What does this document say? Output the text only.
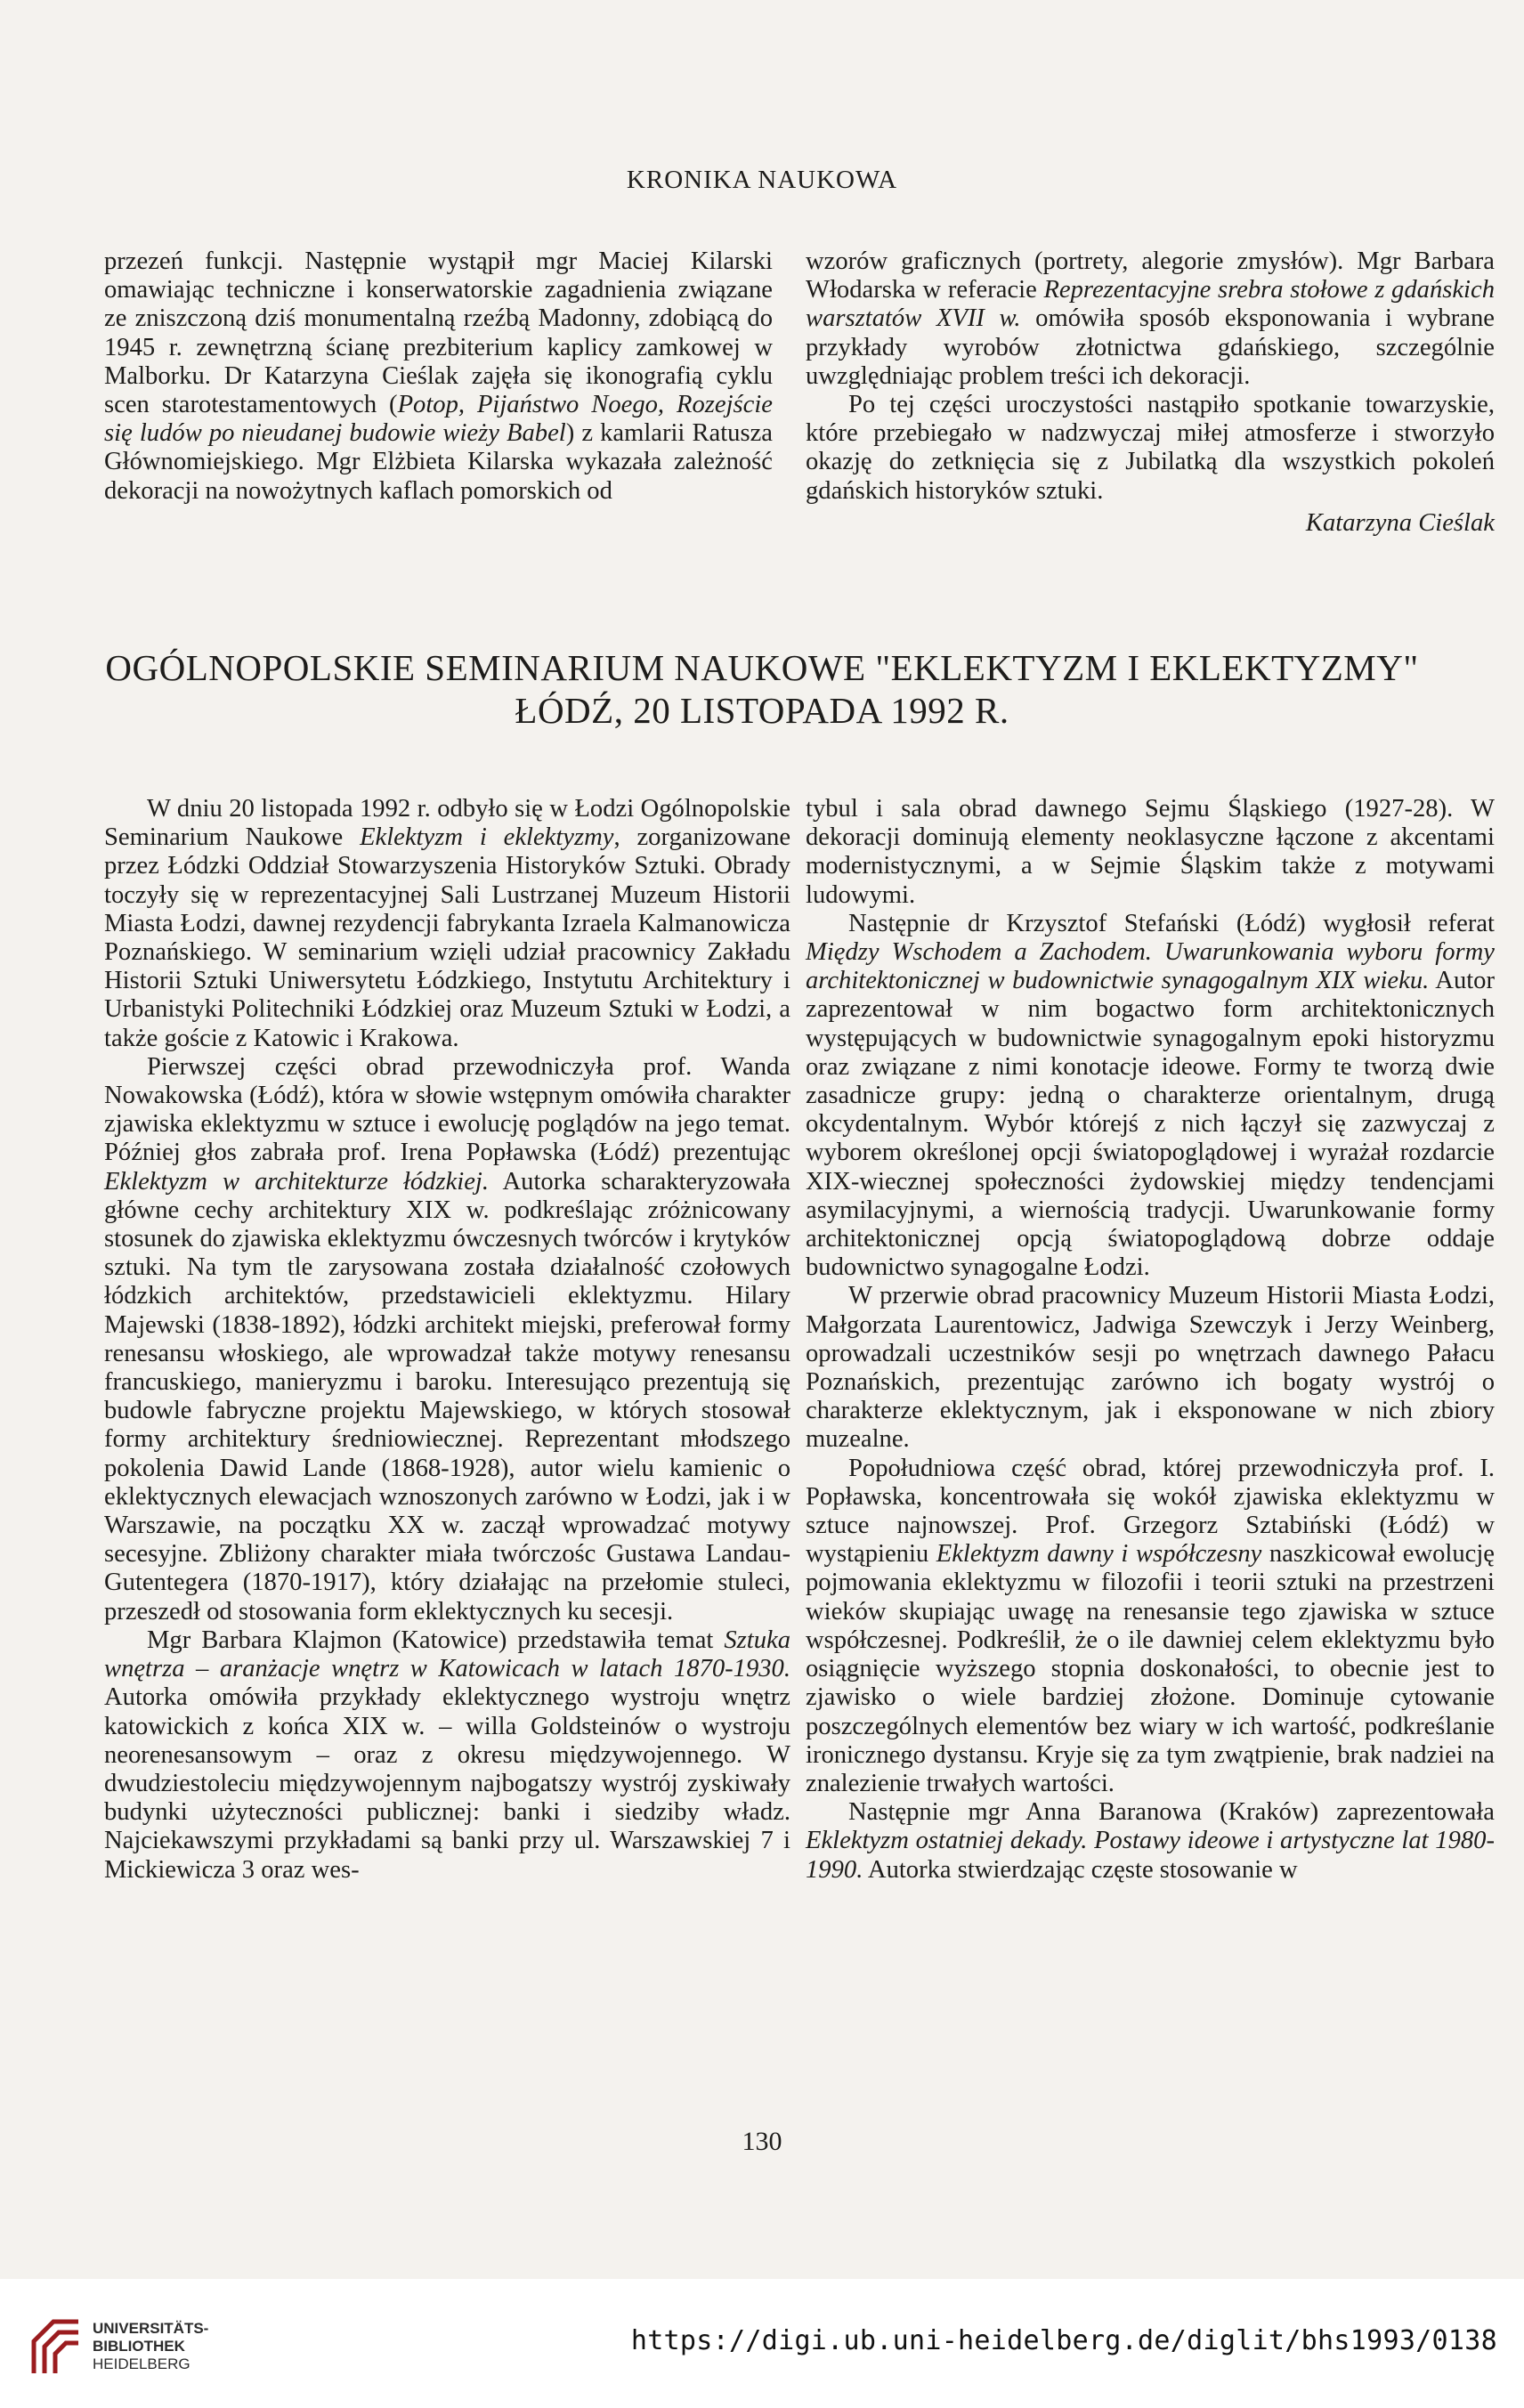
KRONIKA NAUKOWA

przezeń funkcji. Następnie wystąpił mgr Maciej Kilarski omawiając techniczne i konserwatorskie zagadnienia związane ze zniszczoną dziś monumentalną rzeźbą Madonny, zdobiącą do 1945 r. zewnętrzną ścianę prezbiterium kaplicy zamkowej w Malborku. Dr Katarzyna Cieślak zajęła się ikonografią cyklu scen starotestamentowych (Potop, Pijaństwo Noego, Rozejście się ludów po nieudanej budowie wieży Babel) z kamlarii Ratusza Głównomiejskiego. Mgr Elżbieta Kilarska wykazała zależność dekoracji na nowożytnych kaflach pomorskich od

wzorów graficznych (portrety, alegorie zmysłów). Mgr Barbara Włodarska w referacie Reprezentacyjne srebra stołowe z gdańskich warsztatów XVII w. omówiła sposób eksponowania i wybrane przykłady wyrobów złotnictwa gdańskiego, szczególnie uwzględniając problem treści ich dekoracji.

Po tej części uroczystości nastąpiło spotkanie towarzyskie, które przebiegało w nadzwyczaj miłej atmosferze i stworzyło okazję do zetknięcia się z Jubilatką dla wszystkich pokoleń gdańskich historyków sztuki.

Katarzyna Cieślak

OGÓLNOPOLSKIE SEMINARIUM NAUKOWE "EKLEKTYZM I EKLEKTYZMY"
ŁÓDŹ, 20 LISTOPADA 1992 R.

W dniu 20 listopada 1992 r. odbyło się w Łodzi Ogólnopolskie Seminarium Naukowe Eklektyzm i eklektyzmy, zorganizowane przez Łódzki Oddział Stowarzyszenia Historyków Sztuki. Obrady toczyły się w reprezentacyjnej Sali Lustrzanej Muzeum Historii Miasta Łodzi, dawnej rezydencji fabrykanta Izraela Kalmanowicza Poznańskiego. W seminarium wzięli udział pracownicy Zakładu Historii Sztuki Uniwersytetu Łódzkiego, Instytutu Architektury i Urbanistyki Politechniki Łódzkiej oraz Muzeum Sztuki w Łodzi, a także goście z Katowic i Krakowa.

Pierwszej części obrad przewodniczyła prof. Wanda Nowakowska (Łódź), która w słowie wstępnym omówiła charakter zjawiska eklektyzmu w sztuce i ewolucję poglądów na jego temat. Później głos zabrała prof. Irena Popławska (Łódź) prezentując Eklektyzm w architekturze łódzkiej. Autorka scharakteryzowała główne cechy architektury XIX w. podkreślając zróżnicowany stosunek do zjawiska eklektyzmu ówczesnych twórców i krytyków sztuki. Na tym tle zarysowana została działalność czołowych łódzkich architektów, przedstawicieli eklektyzmu. Hilary Majewski (1838-1892), łódzki architekt miejski, preferował formy renesansu włoskiego, ale wprowadzał także motywy renesansu francuskiego, manieryzmu i baroku. Interesująco prezentują się budowle fabryczne projektu Majewskiego, w których stosował formy architektury średniowiecznej. Reprezentant młodszego pokolenia Dawid Lande (1868-1928), autor wielu kamienic o eklektycznych elewacjach wznoszonych zarówno w Łodzi, jak i w Warszawie, na początku XX w. zaczął wprowadzać motywy secesyjne. Zbliżony charakter miała twórczośc Gustawa Landau-Gutentegera (1870-1917), który działając na przełomie stuleci, przeszedł od stosowania form eklektycznych ku secesji.

Mgr Barbara Klajmon (Katowice) przedstawiła temat Sztuka wnętrza – aranżacje wnętrz w Katowicach w latach 1870-1930. Autorka omówiła przykłady eklektycznego wystroju wnętrz katowickich z końca XIX w. – willa Goldsteinów o wystroju neorenesansowym – oraz z okresu międzywojennego. W dwudziestoleciu międzywojennym najbogatszy wystrój zyskiwały budynki użyteczności publicznej: banki i siedziby władz. Najciekawszymi przykładami są banki przy ul. Warszawskiej 7 i Mickiewicza 3 oraz wes-

tybul i sala obrad dawnego Sejmu Śląskiego (1927-28). W dekoracji dominują elementy neoklasyczne łączone z akcentami modernistycznymi, a w Sejmie Śląskim także z motywami ludowymi.

Następnie dr Krzysztof Stefański (Łódź) wygłosił referat Między Wschodem a Zachodem. Uwarunkowania wyboru formy architektonicznej w budownictwie synagogalnym XIX wieku. Autor zaprezentował w nim bogactwo form architektonicznych występujących w budownictwie synagogalnym epoki historyzmu oraz związane z nimi konotacje ideowe. Formy te tworzą dwie zasadnicze grupy: jedną o charakterze orientalnym, drugą okcydentalnym. Wybór którejś z nich łączył się zazwyczaj z wyborem określonej opcji światopoglądowej i wyrażał rozdarcie XIX-wiecznej społeczności żydowskiej między tendencjami asymilacyjnymi, a wiernością tradycji. Uwarunkowanie formy architektonicznej opcją światopoglądową dobrze oddaje budownictwo synagogalne Łodzi.

W przerwie obrad pracownicy Muzeum Historii Miasta Łodzi, Małgorzata Laurentowicz, Jadwiga Szewczyk i Jerzy Weinberg, oprowadzali uczestników sesji po wnętrzach dawnego Pałacu Poznańskich, prezentując zarówno ich bogaty wystrój o charakterze eklektycznym, jak i eksponowane w nich zbiory muzealne.

Popołudniowa część obrad, której przewodniczyła prof. I. Popławska, koncentrowała się wokół zjawiska eklektyzmu w sztuce najnowszej. Prof. Grzegorz Sztabiński (Łódź) w wystąpieniu Eklektyzm dawny i współczesny naszkicował ewolucję pojmowania eklektyzmu w filozofii i teorii sztuki na przestrzeni wieków skupiając uwagę na renesansie tego zjawiska w sztuce współczesnej. Podkreślił, że o ile dawniej celem eklektyzmu było osiągnięcie wyższego stopnia doskonałości, to obecnie jest to zjawisko o wiele bardziej złożone. Dominuje cytowanie poszczególnych elementów bez wiary w ich wartość, podkreślanie ironicznego dystansu. Kryje się za tym zwątpienie, brak nadziei na znalezienie trwałych wartości.

Następnie mgr Anna Baranowa (Kraków) zaprezentowała Eklektyzm ostatniej dekady. Postawy ideowe i artystyczne lat 1980-1990. Autorka stwierdzając częste stosowanie w

130
UNIVERSITÄTS-
BIBLIOTHEK
HEIDELBERG
https://digi.ub.uni-heidelberg.de/diglit/bhs1993/0138
